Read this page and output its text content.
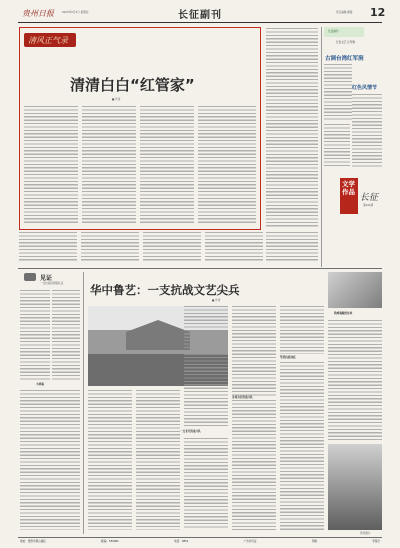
贵州日报	2025年6月5日 星期四	长征副刊	责任编辑 邮箱 12
清风正气录
清清白白“红管家”
■ 作者
长征副刊
红色文艺 红军歌
古调台湾红军涧
红色风情节
文学作品
长征
第641期
见证
一支抗战的钢铁队伍
丰碑魂
华中鲁艺：一支抗战文艺尖兵
■ 作者
一支非凡的战斗队
坚持抗战到底
身体为壮的战斗队
铁峰魂魄的传承
资料图片
地址：贵阳市观山湖区	邮编：550081	电话：0851	广告许可证	印刷	零售价
